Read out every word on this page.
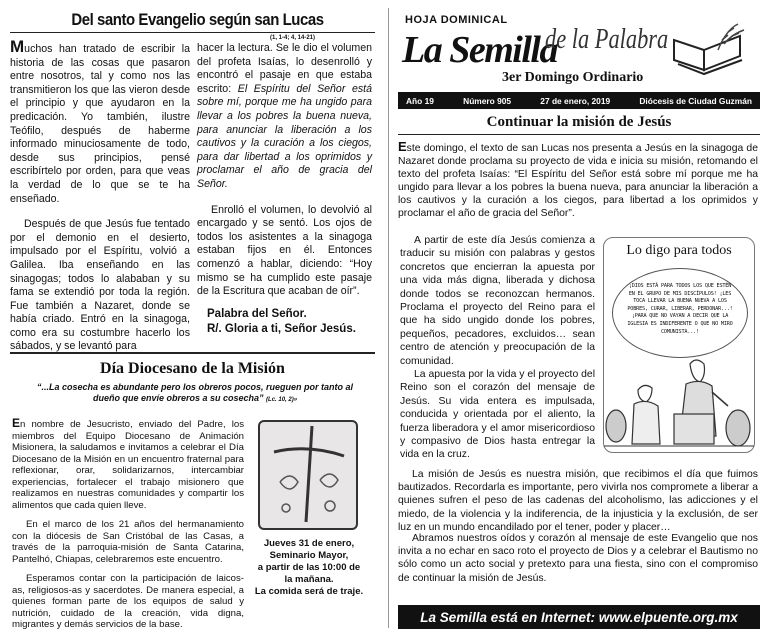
Del santo Evangelio según san Lucas
(1, 1-4; 4, 14-21)

Muchos han tratado de escribir la historia de las cosas que pasaron entre nosotros, tal y como nos las transmitieron los que las vieron desde el principio y que ayudaron en la predicación. Yo también, ilustre Teófilo, después de haberme informado minuciosamente de todo, desde sus principios, pensé escribírtelo por orden, para que veas la verdad de lo que se te ha enseñado.

Después de que Jesús fue tentado por el demonio en el desierto, impulsado por el Espíritu, volvió a Galilea. Iba enseñando en las sinagogas; todos lo alababan y su fama se extendió por toda la región. Fue también a Nazaret, donde se había criado. Entró en la sinagoga, como era su costumbre hacerlo los sábados, y se levantó para

hacer la lectura. Se le dio el volumen del profeta Isaías, lo desenrolló y encontró el pasaje en que estaba escrito: El Espíritu del Señor está sobre mí, porque me ha ungido para llevar a los pobres la buena nueva, para anunciar la liberación a los cautivos y la curación a los ciegos, para dar libertad a los oprimidos y proclamar el año de gracia del Señor.

Enrolló el volumen, lo devolvió al encargado y se sentó. Los ojos de todos los asistentes a la sinagoga estaban fijos en él. Entonces comenzó a hablar, diciendo: “Hoy mismo se ha cumplido este pasaje de la Escritura que acaban de oír”.

Palabra del Señor.
R/. Gloria a ti, Señor Jesús.
Día Diocesano de la Misión
“...La cosecha es abundante pero los obreros pocos, rueguen por tanto al dueño que envíe obreros a su cosecha” (Lc. 10, 2)»

En nombre de Jesucristo, enviado del Padre, los miembros del Equipo Diocesano de Animación Misionera, la saludamos e invitamos a celebrar el Día Diocesano de la Misión en un encuentro fraternal para reflexionar, orar, solidarizarnos, intercambiar experiencias, fortalecer el trabajo misionero que realizamos en nuestras comunidades y compartir los alimentos que cada quien lleve.

En el marco de los 21 años del hermanamiento con la diócesis de San Cristóbal de las Casas, a través de la parroquia-misión de Santa Catarina, Pantelhó, Chiapas, celebraremos este encuentro.

Esperamos contar con la participación de laicos-as, religiosos-as y sacerdotes. De manera especial, a quienes forman parte de los equipos de salud y nutrición, cuidado de la creación, vida digna, migrantes y demás servicios de la base.

Jueves 31 de enero,
Seminario Mayor,
a partir de las 10:00 de
la mañana.
La comida será de traje.
HOJA DOMINICAL
La Semilla
de la Palabra
3er Domingo Ordinario
Año 19	Número 905	27 de enero, 2019	Diócesis de Ciudad Guzmán
Continuar la misión de Jesús

Este domingo, el texto de san Lucas nos presenta a Jesús en la sinagoga de Nazaret donde proclama su proyecto de vida e inicia su misión, retomando el texto del profeta Isaías: “El Espíritu del Señor está sobre mí porque me ha ungido para llevar a los pobres la buena nueva, para anunciar la liberación a los cautivos y la curación a los ciegos, para libertad a los oprimidos y proclamar el año de gracia del Señor”.

A partir de este día Jesús comienza a traducir su misión con palabras y gestos concretos que encierran la apuesta por una vida más digna, liberada y dichosa donde todos se reconozcan hermanos. Proclama el proyecto del Reino para el que ha sido ungido donde los pobres, pequeños, pecadores, excluidos… sean centro de atención y preocupación de la comunidad.

La apuesta por la vida y el proyecto del Reino son el corazón del mensaje de Jesús. Su vida entera es impulsada, conducida y orientada por el aliento, la fuerza liberadora y el amor misericordioso y compasivo de Dios hasta entregar la vida en la cruz.

Lo digo para todos
¡DIOS ESTÁ PARA TODOS LOS QUE ESTÉN EN EL GRUPO DE MIS DISCÍPULOS! ¡LES TOCA LLEVAR LA BUENA NUEVA A LOS POBRES, CURAR, LIBERAR, PERDONAR...! ¡PARA QUE NO VAYAN A DECIR QUE LA IGLESIA ES INDIFERENTE O QUE NO MIRO COMUNISTA...!

La misión de Jesús es nuestra misión, que recibimos el día que fuimos bautizados. Recordarla es importante, pero vivirla nos compromete a liberar a quienes sufren el peso de las cadenas del alcoholismo, las adicciones y el miedo, de la violencia y la indiferencia, de la injusticia y la exclusión, de ser luz en un mundo encandilado por el tener, poder y placer…

Abramos nuestros oídos y corazón al mensaje de este Evangelio que nos invita a no echar en saco roto el proyecto de Dios y a celebrar el Bautismo no sólo como un acto social y pretexto para una fiesta, sino con el compromiso de continuar la misión de Jesús.

La Semilla está en Internet: www.elpuente.org.mx
